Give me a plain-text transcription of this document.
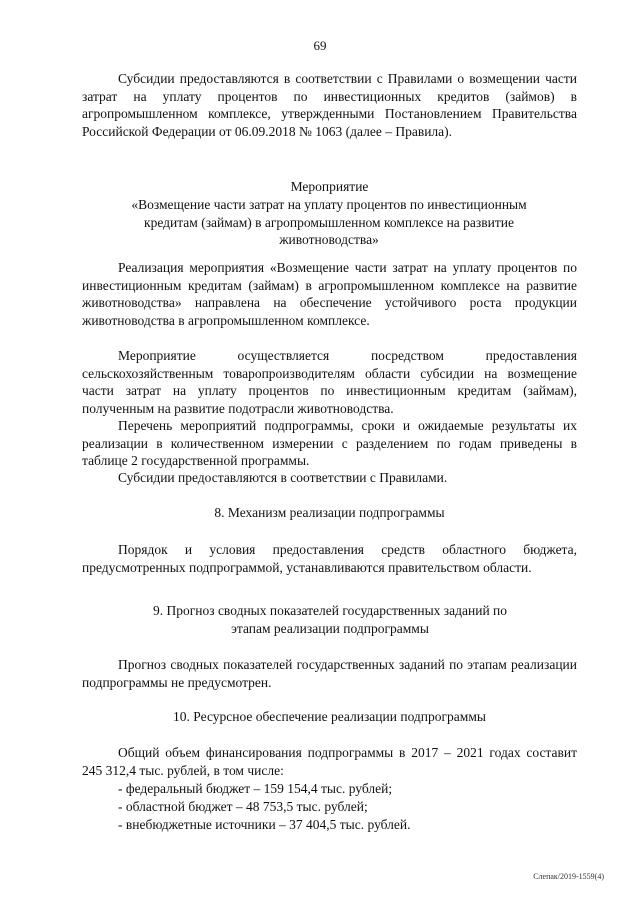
69

Субсидии предоставляются в соответствии с Правилами о возмещении части затрат на уплату процентов по инвестиционных кредитов (займов) в агропромышленном комплексе, утвержденными Постановлением Правительства Российской Федерации от 06.09.2018 № 1063 (далее – Правила).

Мероприятие
«Возмещение части затрат на уплату процентов по инвестиционным кредитам (займам) в агропромышленном комплексе на развитие животноводства»

Реализация мероприятия «Возмещение части затрат на уплату процентов по инвестиционным кредитам (займам) в агропромышленном комплексе на развитие животноводства» направлена на обеспечение устойчивого роста продукции животноводства в агропромышленном комплексе.

Мероприятие осуществляется посредством предоставления сельскохозяйственным товаропроизводителям области субсидии на возмещение части затрат на уплату процентов по инвестиционным кредитам (займам), полученным на развитие подотрасли животноводства.

Перечень мероприятий подпрограммы, сроки и ожидаемые результаты их реализации в количественном измерении с разделением по годам приведены в таблице 2 государственной программы.

Субсидии предоставляются в соответствии с Правилами.

8. Механизм реализации подпрограммы

Порядок и условия предоставления средств областного бюджета, предусмотренных подпрограммой, устанавливаются правительством области.

9. Прогноз сводных показателей государственных заданий по этапам реализации подпрограммы

Прогноз сводных показателей государственных заданий по этапам реализации подпрограммы не предусмотрен.

10. Ресурсное обеспечение реализации подпрограммы

Общий объем финансирования подпрограммы в 2017 – 2021 годах составит 245 312,4 тыс. рублей, в том числе:

- федеральный бюджет – 159 154,4 тыс. рублей;
- областной бюджет – 48 753,5 тыс. рублей;
- внебюджетные источники – 37 404,5 тыс. рублей.
Слепак/2019-1559(4)
